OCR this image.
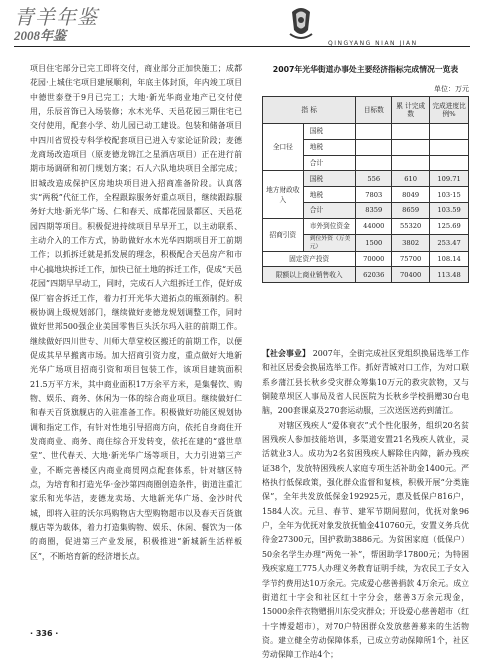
青羊年鉴
2008年鉴
QINGYANG NIAN JIAN

项目住宅部分已完工即将交付，商业部分正加快施工；成都花园·上城住宅项目建展顺利，年底主体封顶，年内竣工项目中德世泰登于9月已完工；大地·新光华商业地产已交付使用，乐辰首饰已入场装修；水木光华、天邑花园三期住宅已交付使用，配套小学、幼儿园已动工建设。包装和储备项目中四川省贸投专科学校配套项目已进入专家论证阶段；麦德龙商场改造项目（原麦德龙锦江之星酒店项目）正在进行前期市场调研和初门规划方案；石人六队地块项目全部完成；旧城改造成保护区房地块项目进入招商准备阶段。认真落实“两税”代征工作，全程跟踪服务好重点项目，继续跟踪服务好大地·新光华广场、仁和春天、成都花园景都区、天邑花园四期等项目。积极促进持续项目早早开工，以主动联系、主动介入的工作方式，协助做好水木光华四期项目开工前期工作；以抓拆迁就是抓发展的理念，积极配合天邑房产和市中心搞地块拆迁工作，加快已征土地的拆迁工作，促成“天邑花园”四期早早动工，同时，完成石人六组拆迁工作，促好成保厂宿舍拆迁工作，着力打开光华大道拓点的瓶颈制约。积极协调上级规划部门，继续做好麦德龙规划调整工作，同时做好世邦500强企业美国零售巨头沃尔玛入驻的前期工作。继续做好四川世专、川师大草堂校区搬迁的前期工作，以便促成其早早搬离市场。加大招商引资力度，重点做好大地新光华广场项目招商引资和项目包装工作，该项目建筑面积21.5万平方米，其中商业面积17万余平方米，是集餐饮、购物、娱乐、商务、休闲为一体的综合商业项目。继续做好仁和春天百货旗舰店的入驻准备工作。积极做好功能区规划协调和指定工作，有针对性地引导招商方向，依托自身商住开发商商业、商务、商住综合开发转变，依托在建的“盛世草堂”、世代春天、大地·新光华广场等项目，大力引进第三产业，不断完善楼区内商业商贸网点配套体系，针对辖区特点，为培育和打造光华·金沙第四商圈创造条件，街道注重汇家乐和光华洁，麦德龙卖场、大地新光华广场、金沙时代城，即将入驻的沃尔玛购物店大型购物超市以及春天百货旗舰店等为载体，着力打造集购物、娱乐、休闲、餐饮为一体的商圈，促进第三产业发展，积极推进“新城新生活样板区”，不断培育新的经济增长点。

2007年光华街道办事处主要经济指标完成情况一览表
单位：万元
指 标		目标数	累 计完成数	完成进度比例%
全口径	国税			
	地税			
	合计			
地方财政收入	国税	556	610	109.71
	地税	7803	8049	103·15
	合计	8359	8659	103.59
招商引资	市外到位资金	44000	55320	125.69
	到位外资（万美元）	1500	3802	253.47
固定资产投资		70000	75700	108.14
限额以上商业销售收入		62036	70400	113.48

【社会事业】 2007年，全街完成社区党组织换届选举工作和社区居委会换届选举工作。抓好青城对口工作，为对口联系乡蒲江县长秋乡受灾群众筹集10万元的救灾款物，又与铜陵草坝区人事局及省人民医院为长秋乡学校捐赠30台电脑，200套课桌及270套运动服，三次送医送药到蒲江。

对辖区残疾人“爱体衰衣”式个性化服务，组织20名贫困残疾人参加技能培训，多渠道安置21名残疾人就业，灵活就业3人。成功为2名贫困残疾人解除住内障，新办残疾证38个，发放特困残疾人家庭专项生活补助金1400元。严格执行低保政策，强化群众监督和复核，积极开展“分类施保”，全年共发放低保金192925元，惠及低保户816户，1584人次。元旦、春节、建军节期间慰问，优抚对象96户，全年为优抚对象发放抚恤金410760元，安置义务兵优待金27300元，国护救助3886元。为贫困家庭（低保户）50余名学生办理“两免一补”，帮困助学17800元；为特困残疾家庭工775人办理义务教育证明手续，为农民工子女入学节约费用达10万余元。完成爱心慈善捐款 4万余元。成立街道红十字会和社区红十字分会，慈善3万余元现金，15000余件衣物赠捐川东受灾群众；开设爱心慈善超市（红十字博爱超市），对70户特困群众发放慈善募来的生活物资。建立健全劳动保障体系，已成立劳动保障所1个，社区劳动保障工作站4个；

· 336 ·
